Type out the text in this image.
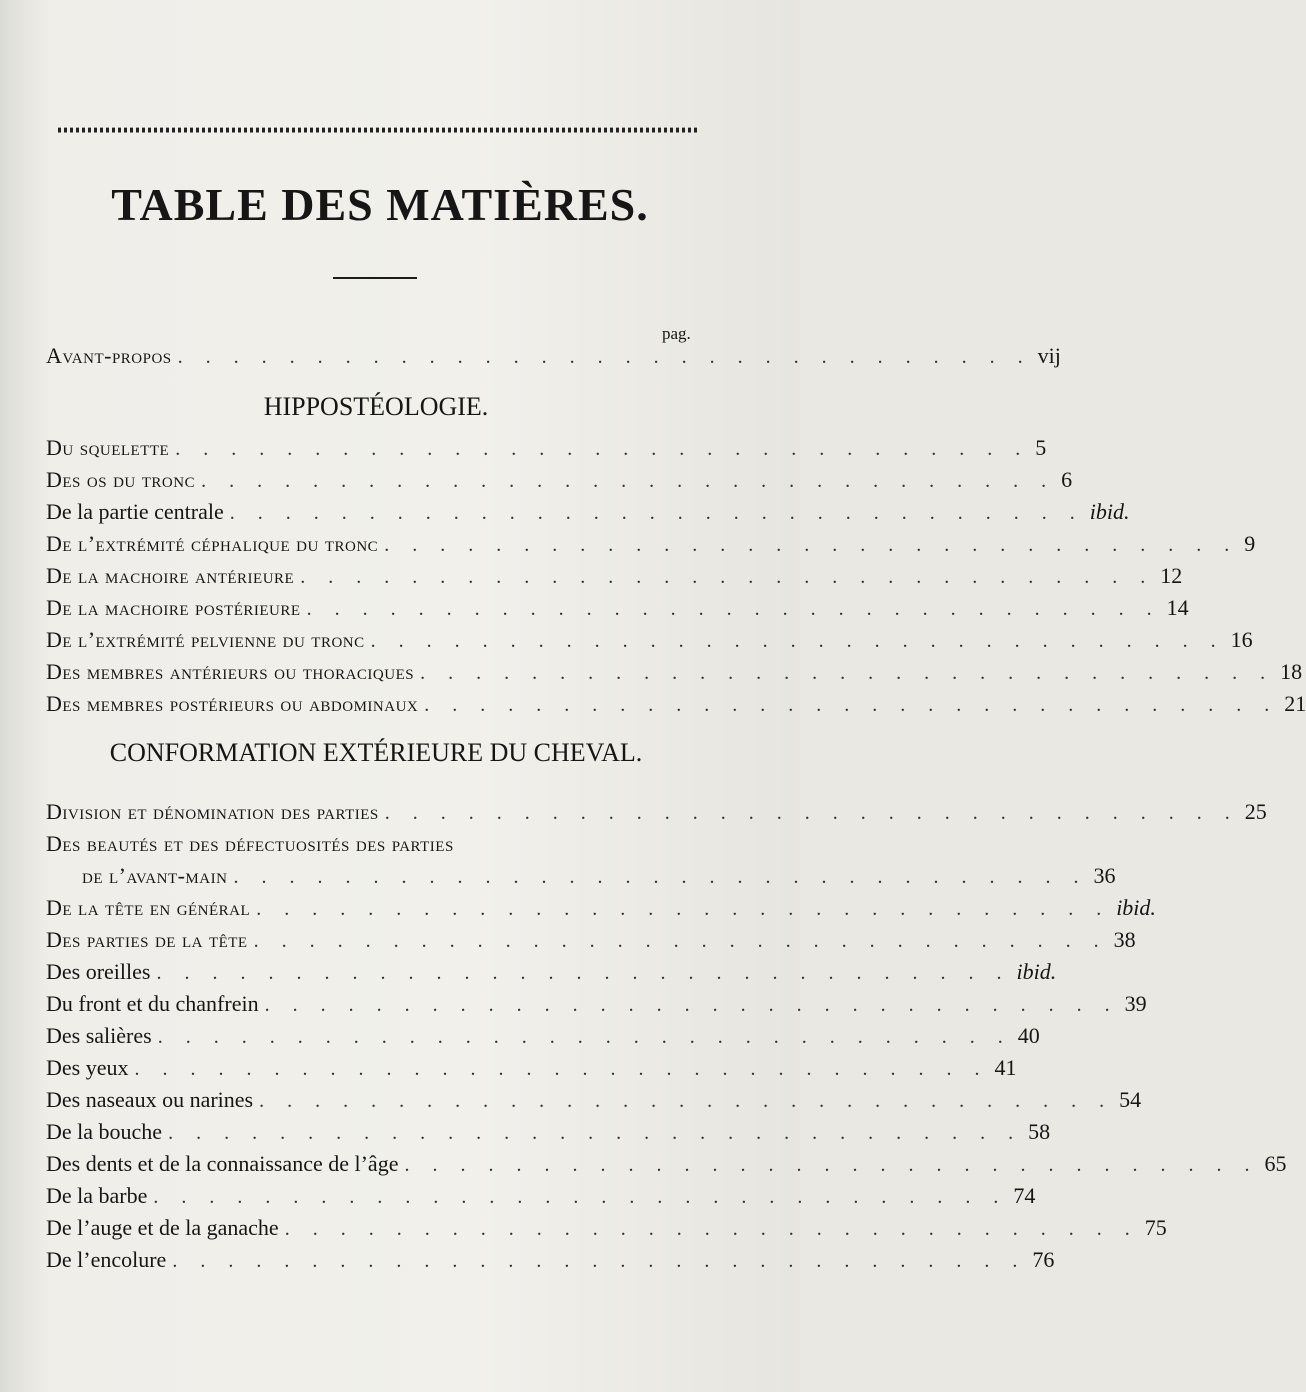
TABLE DES MATIÈRES.
pag.
Avant-propos . . . . . . . . . . . . . . . . . . . . . . . . . . . . . . . vij
HIPPOSTÉOLOGIE.
Du squelette . . . . . . . . . . . . . . . . . . . . . . . . . . . . . . . 5
Des os du tronc . . . . . . . . . . . . . . . . . . . . . . . . . . . . . . . 6
De la partie centrale . . . . . . . . . . . . . . . . . . . . . . . . . . . . . . . ibid.
De l’extrémité céphalique du tronc . . . . . . . . . . . . . . . . . . . . . . . . . . . . . . . 9
De la machoire antérieure . . . . . . . . . . . . . . . . . . . . . . . . . . . . . . . 12
De la machoire postérieure . . . . . . . . . . . . . . . . . . . . . . . . . . . . . . . 14
De l’extrémité pelvienne du tronc . . . . . . . . . . . . . . . . . . . . . . . . . . . . . . . 16
Des membres antérieurs ou thoraciques . . . . . . . . . . . . . . . . . . . . . . . . . . . . . . . 18
Des membres postérieurs ou abdominaux . . . . . . . . . . . . . . . . . . . . . . . . . . . . . . . 21
CONFORMATION EXTÉRIEURE DU CHEVAL.
Division et dénomination des parties . . . . . . . . . . . . . . . . . . . . . . . . . . . . . . . 25
Des beautés et des défectuosités des parties
de l’avant-main . . . . . . . . . . . . . . . . . . . . . . . . . . . . . . . 36
De la tête en général . . . . . . . . . . . . . . . . . . . . . . . . . . . . . . . ibid.
Des parties de la tête . . . . . . . . . . . . . . . . . . . . . . . . . . . . . . . 38
Des oreilles . . . . . . . . . . . . . . . . . . . . . . . . . . . . . . . ibid.
Du front et du chanfrein . . . . . . . . . . . . . . . . . . . . . . . . . . . . . . . 39
Des salières . . . . . . . . . . . . . . . . . . . . . . . . . . . . . . . 40
Des yeux . . . . . . . . . . . . . . . . . . . . . . . . . . . . . . . 41
Des naseaux ou narines . . . . . . . . . . . . . . . . . . . . . . . . . . . . . . . 54
De la bouche . . . . . . . . . . . . . . . . . . . . . . . . . . . . . . . 58
Des dents et de la connaissance de l’âge . . . . . . . . . . . . . . . . . . . . . . . . . . . . . . . 65
De la barbe . . . . . . . . . . . . . . . . . . . . . . . . . . . . . . . 74
De l’auge et de la ganache . . . . . . . . . . . . . . . . . . . . . . . . . . . . . . . 75
De l’encolure . . . . . . . . . . . . . . . . . . . . . . . . . . . . . . . 76
